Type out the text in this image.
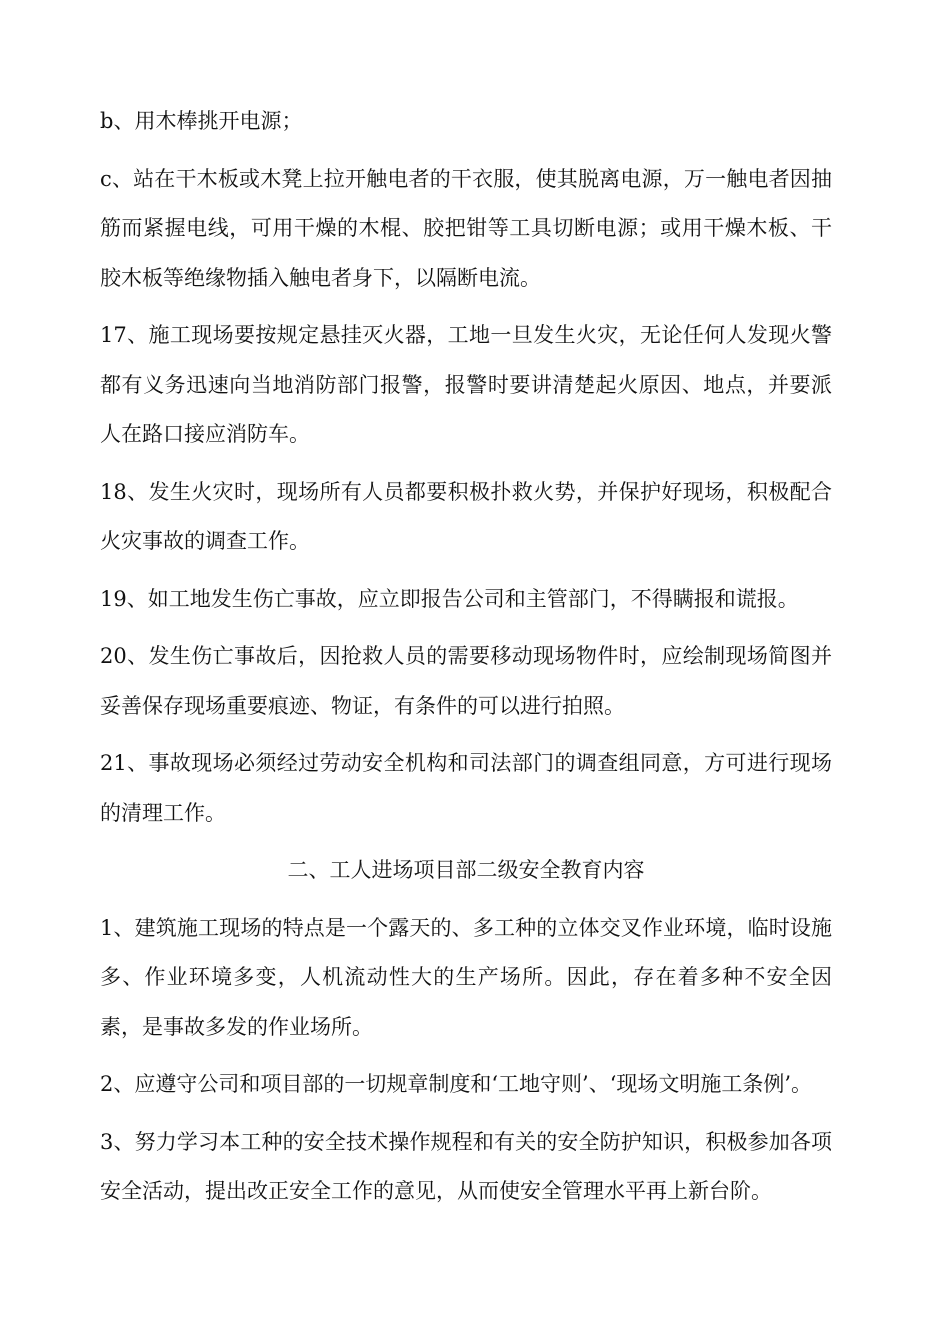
b、用木棒挑开电源；

c、站在干木板或木凳上拉开触电者的干衣服，使其脱离电源，万一触电者因抽筋而紧握电线，可用干燥的木棍、胶把钳等工具切断电源；或用干燥木板、干胶木板等绝缘物插入触电者身下，以隔断电流。

17、施工现场要按规定悬挂灭火器，工地一旦发生火灾，无论任何人发现火警都有义务迅速向当地消防部门报警，报警时要讲清楚起火原因、地点，并要派人在路口接应消防车。

18、发生火灾时，现场所有人员都要积极扑救火势，并保护好现场，积极配合火灾事故的调查工作。

19、如工地发生伤亡事故，应立即报告公司和主管部门，不得瞒报和谎报。

20、发生伤亡事故后，因抢救人员的需要移动现场物件时，应绘制现场简图并妥善保存现场重要痕迹、物证，有条件的可以进行拍照。

21、事故现场必须经过劳动安全机构和司法部门的调查组同意，方可进行现场的清理工作。

二、工人进场项目部二级安全教育内容

1、建筑施工现场的特点是一个露天的、多工种的立体交叉作业环境，临时设施多、作业环境多变，人机流动性大的生产场所。因此，存在着多种不安全因素，是事故多发的作业场所。

2、应遵守公司和项目部的一切规章制度和‘工地守则’、‘现场文明施工条例’。

3、努力学习本工种的安全技术操作规程和有关的安全防护知识，积极参加各项安全活动，提出改正安全工作的意见，从而使安全管理水平再上新台阶。
